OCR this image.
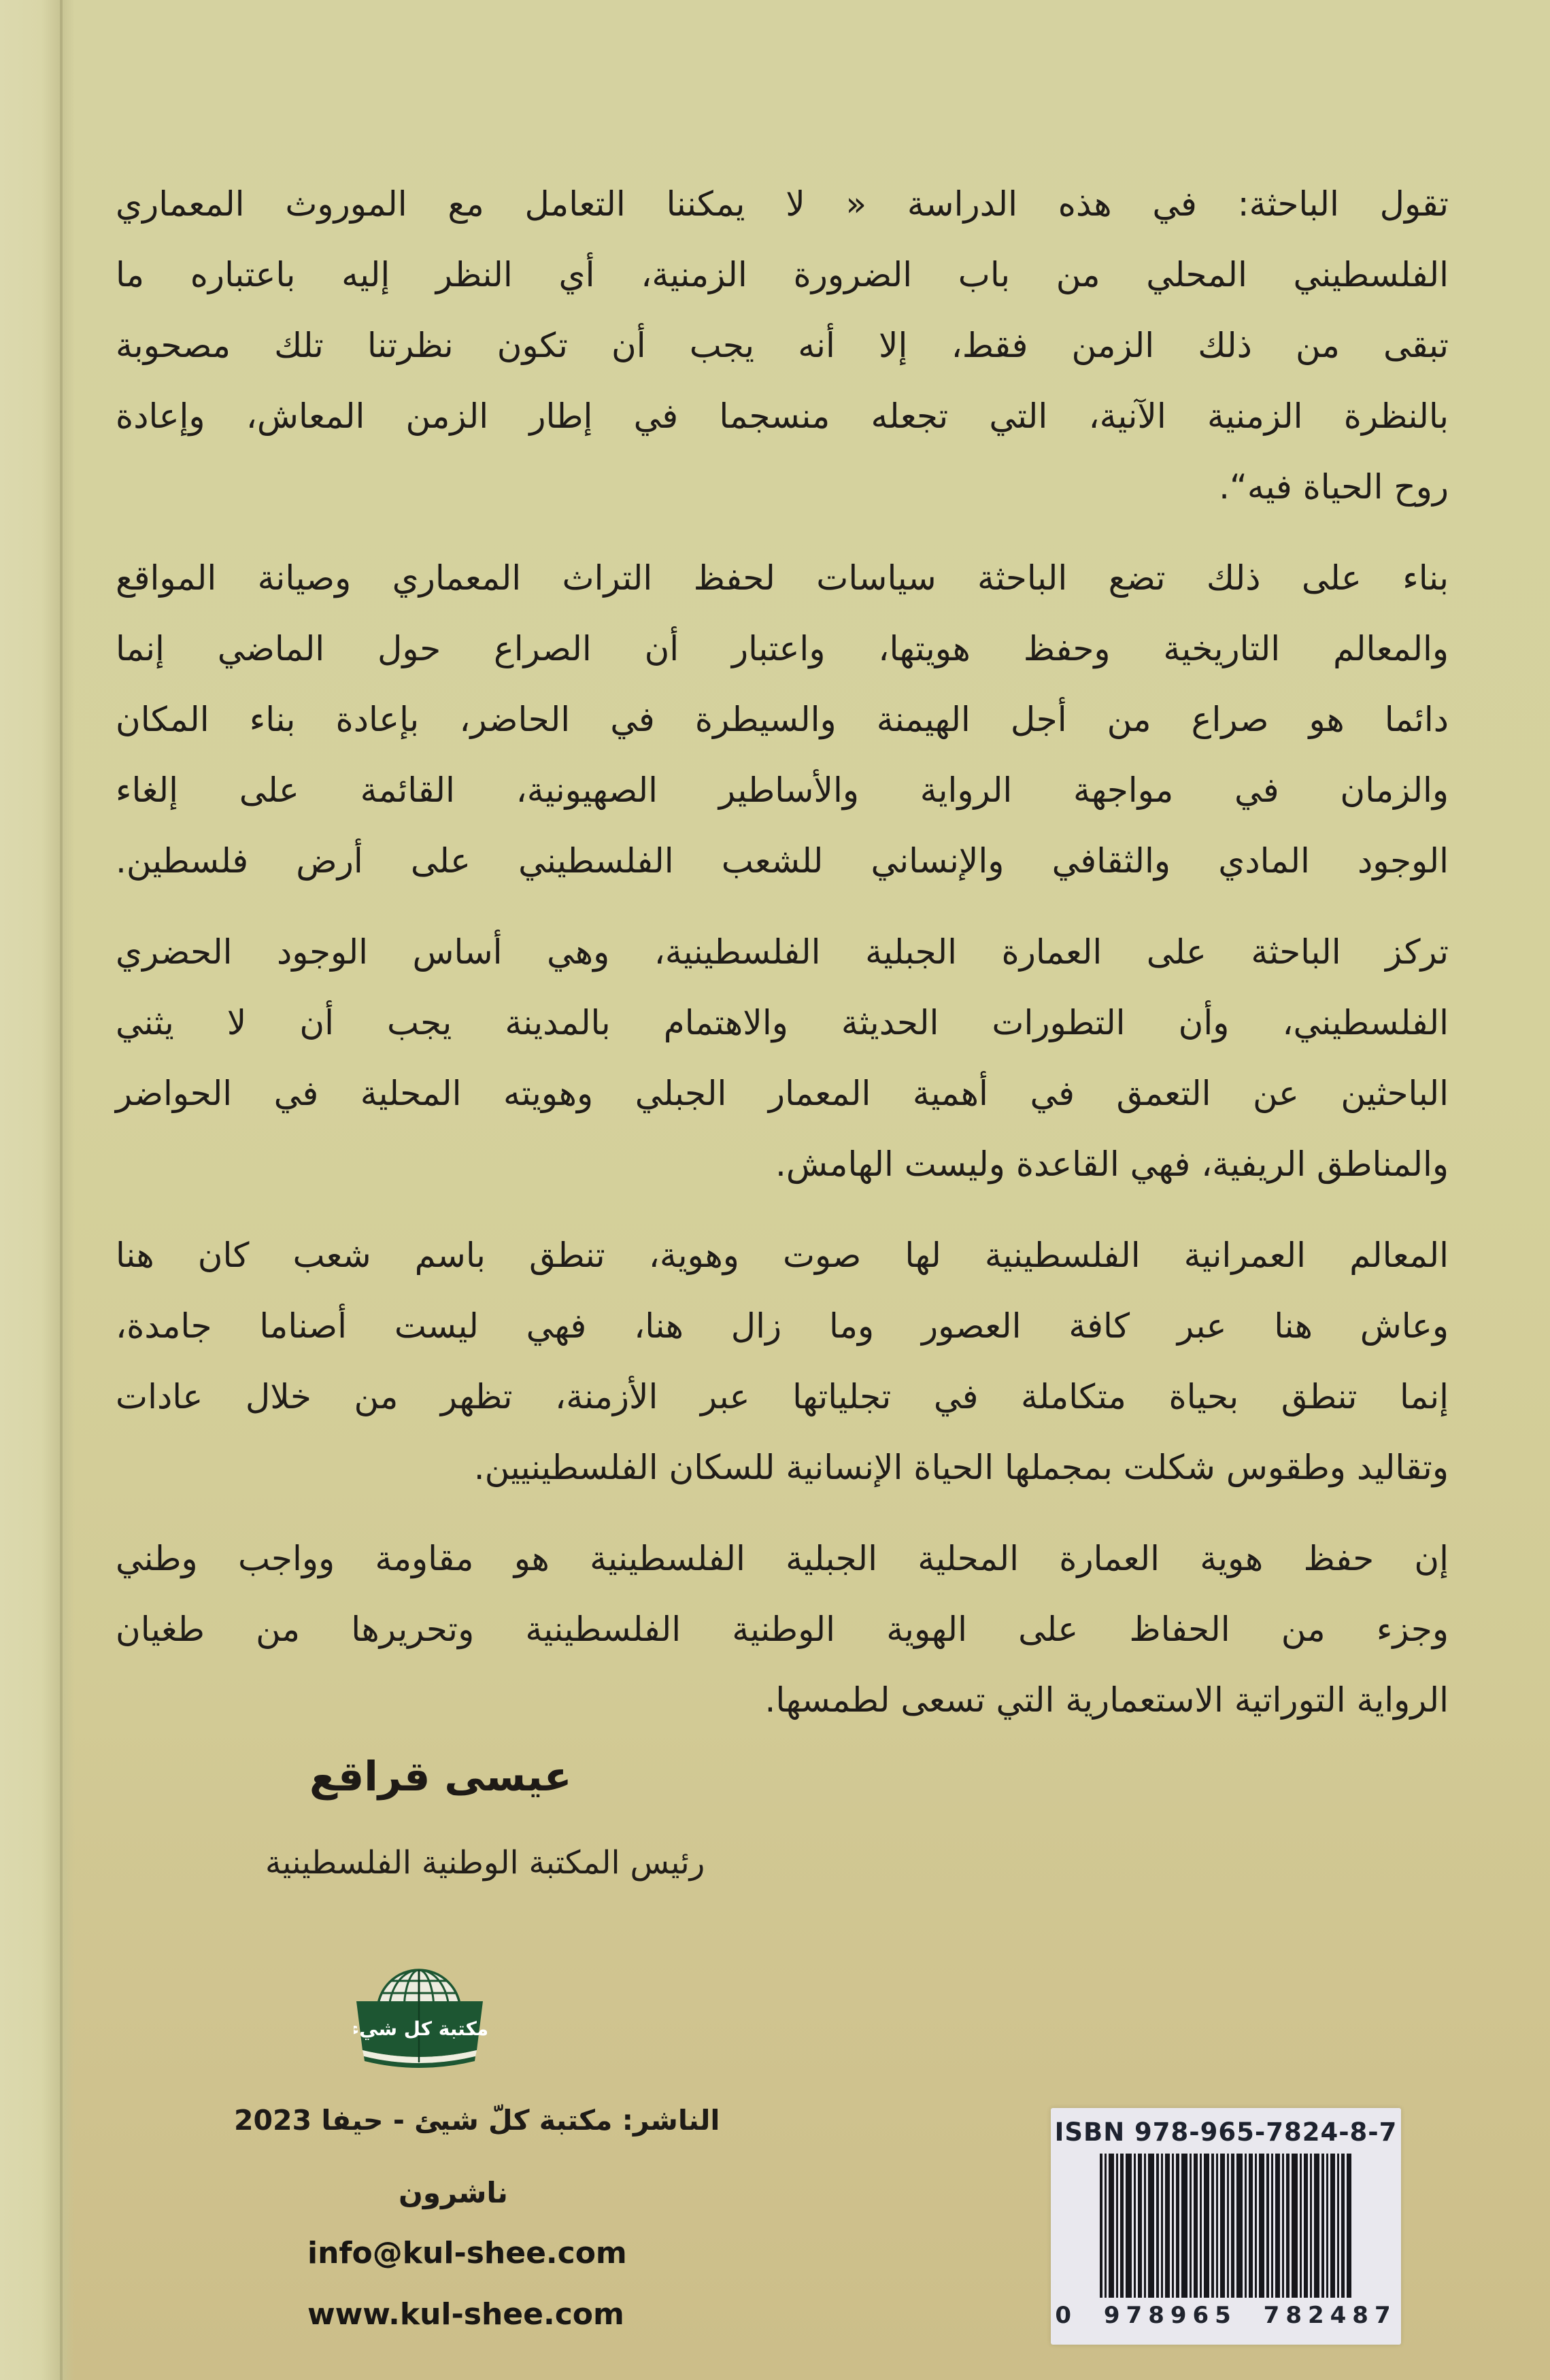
تقول الباحثة: في هذه الدراسة « لا يمكننا التعامل مع الموروث المعماري
الفلسطيني المحلي من باب الضرورة الزمنية، أي النظر إليه باعتباره ما
تبقى من ذلك الزمن فقط، إلا أنه يجب أن تكون نظرتنا تلك مصحوبة
بالنظرة الزمنية الآنية، التي تجعله منسجما في إطار الزمن المعاش، وإعادة
روح الحياة فيه“.
بناء على ذلك تضع الباحثة سياسات لحفظ التراث المعماري وصيانة المواقع
والمعالم التاريخية وحفظ هويتها، واعتبار أن الصراع حول الماضي إنما
دائما هو صراع من أجل الهيمنة والسيطرة في الحاضر، بإعادة بناء المكان
والزمان في مواجهة الرواية والأساطير الصهيونية، القائمة على إلغاء
الوجود المادي والثقافي والإنساني للشعب الفلسطيني على أرض فلسطين.
تركز الباحثة على العمارة الجبلية الفلسطينية، وهي أساس الوجود الحضري
الفلسطيني، وأن التطورات الحديثة والاهتمام بالمدينة يجب أن لا يثني
الباحثين عن التعمق في أهمية المعمار الجبلي وهويته المحلية في الحواضر
والمناطق الريفية، فهي القاعدة وليست الهامش.
المعالم العمرانية الفلسطينية لها صوت وهوية، تنطق باسم شعب كان هنا
وعاش هنا عبر كافة العصور وما زال هنا، فهي ليست أصناما جامدة،
إنما تنطق بحياة متكاملة في تجلياتها عبر الأزمنة، تظهر من خلال عادات
وتقاليد وطقوس شكلت بمجملها الحياة الإنسانية للسكان الفلسطينيين.
إن حفظ هوية العمارة المحلية الجبلية الفلسطينية هو مقاومة وواجب وطني
وجزء من الحفاظ على الهوية الوطنية الفلسطينية وتحريرها من طغيان
الرواية التوراتية الاستعمارية التي تسعى لطمسها.
عيسى قراقع
رئيس المكتبة الوطنية الفلسطينية
مكتبة كل شيء
الناشر: مكتبة كلّ شيئ - حيفا 2023
ناشرون
info@kul-shee.com
www.kul-shee.com
ISBN 978-965-7824-8-7
0 978965 782487
